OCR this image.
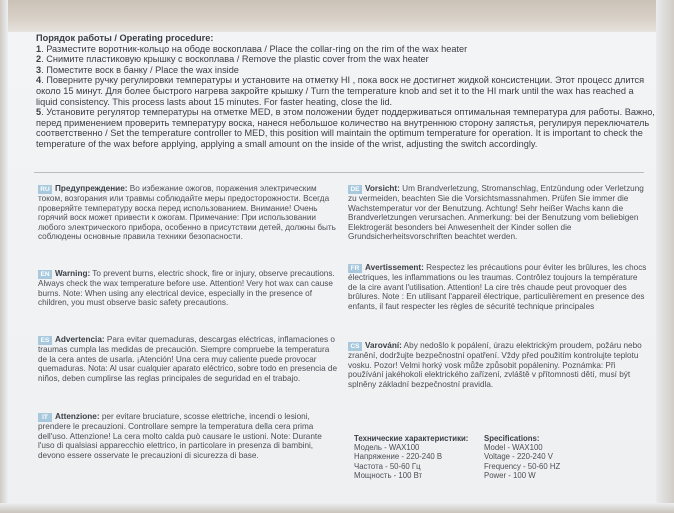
Порядок работы / Operating procedure:
1. Разместите воротник-кольцо на ободе воскоплава / Place the collar-ring on the rim of the wax heater
2. Снимите пластиковую крышку с воскоплава / Remove the plastic cover from the wax heater
3. Поместите воск в банку / Place the wax inside
4. Поверните ручку регулировки температуры и установите на отметку HI , пока воск не достигнет жидкой консистенции. Этот процесс длится около 15 минут. Для более быстрого нагрева закройте крышку / Turn the temperature knob and set it to the HI mark until the wax has reached a liquid consistency. This process lasts about 15 minutes. For faster heating, close the lid.
5. Установите регулятор температуры на отметке MED, в этом положении будет поддерживаться оптимальная температура для работы. Важно, перед применением проверить температуру воска, нанеся небольшое количество на внутреннюю сторону запястья, регулируя переключатель соответственно / Set the temperature controller to MED, this position will maintain the optimum temperature for operation. It is important to check the temperature of the wax before applying, applying a small amount on the inside of the wrist, adjusting the switch accordingly.
RU Предупреждение: Во избежание ожогов, поражения электрическим током, возгорания или травмы соблюдайте меры предосторожности. Всегда проверяйте температуру воска перед использованием. Внимание! Очень горячий воск может привести к ожогам. Примечание: При использовании любого электрического прибора, особенно в присутствии детей, должны быть соблюдены основные правила техники безопасности.
EN Warning: To prevent burns, electric shock, fire or injury, observe precautions. Always check the wax temperature before use. Attention! Very hot wax can cause burns. Note: When using any electrical device, especially in the presence of children, you must observe basic safety precautions.
ES Advertencia: Para evitar quemaduras, descargas eléctricas, inflamaciones o traumas cumpla las medidas de precaución. Siempre compruebe la temperatura de la cera antes de usarla. ¡Atención! Una cera muy caliente puede provocar quemaduras. Nota: Al usar cualquier aparato eléctrico, sobre todo en presencia de niños, deben cumplirse las reglas principales de seguridad en el trabajo.
IT Attenzione: per evitare bruciature, scosse elettriche, incendi o lesioni, prendere le precauzioni. Controllare sempre la temperatura della cera prima dell'uso. Attenzione! La cera molto calda può causare le ustioni. Note: Durante l'uso di qualsiasi apparecchio elettrico, in particolare in presenza di bambini, devono essere osservate le precauzioni di sicurezza di base.
DE Vorsicht: Um Brandverletzung, Stromanschlag, Entzündung oder Verletzung zu vermeiden, beachten Sie die Vorsichtsmassnahmen. Prüfen Sie immer die Wachstemperatur vor der Benutzung. Achtung! Sehr heißer Wachs kann die Brandverletzungen verursachen. Anmerkung: bei der Benutzung vom beliebigen Elektrogerät besonders bei Anwesenheit der Kinder sollen die Grundsicherheitsvorschriften beachtet werden.
FR Avertissement: Respectez les précautions pour éviter les brûlures, les chocs électriques, les inflammations ou les traumas. Contrôlez toujours la température de la cire avant l'utilisation. Attention! La cire très chaude peut provoquer des brûlures. Note : En utilisant l'appareil électrique, particulièrement en presence des enfants, il faut respecter les règles de sécurité technique principales
CS Varování: Aby nedošlo k popálení, úrazu elektrickým proudem, požáru nebo zranění, dodržujte bezpečnostní opatření. Vždy před použitím kontrolujte teplotu vosku. Pozor! Velmi horký vosk může způsobit popáleniny. Poznámka: Při používání jakéhokoli elektrického zařízení, zvláště v přítomnosti dětí, musí být splněny základní bezpečnostní pravidla.
Технические характеристики:
Модель - WAX100
Напряжение - 220-240 В
Частота - 50-60 Гц
Мощность - 100 Вт
Specifications:
Model - WAX100
Voltage - 220-240 V
Frequency - 50-60 HZ
Power - 100 W
